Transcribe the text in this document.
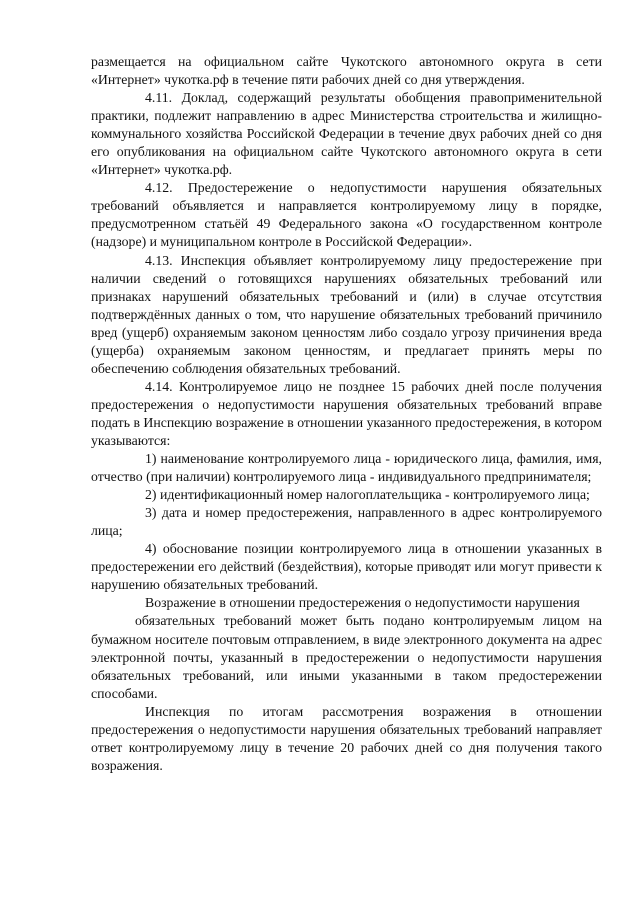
размещается на официальном сайте Чукотского автономного округа в сети «Интернет» чукотка.рф в течение пяти рабочих дней со дня утверждения.

4.11. Доклад, содержащий результаты обобщения правоприменительной практики, подлежит направлению в адрес Министерства строительства и жилищно-коммунального хозяйства Российской Федерации в течение двух рабочих дней со дня его опубликования на официальном сайте Чукотского автономного округа в сети «Интернет» чукотка.рф.

4.12. Предостережение о недопустимости нарушения обязательных требований объявляется и направляется контролируемому лицу в порядке, предусмотренном статьёй 49 Федерального закона «О государственном контроле (надзоре) и муниципальном контроле в Российской Федерации».

4.13. Инспекция объявляет контролируемому лицу предостережение при наличии сведений о готовящихся нарушениях обязательных требований или признаках нарушений обязательных требований и (или) в случае отсутствия подтверждённых данных о том, что нарушение обязательных требований причинило вред (ущерб) охраняемым законом ценностям либо создало угрозу причинения вреда (ущерба) охраняемым законом ценностям, и предлагает принять меры по обеспечению соблюдения обязательных требований.

4.14. Контролируемое лицо не позднее 15 рабочих дней после получения предостережения о недопустимости нарушения обязательных требований вправе подать в Инспекцию возражение в отношении указанного предостережения, в котором указываются:

1) наименование контролируемого лица - юридического лица, фамилия, имя, отчество (при наличии) контролируемого лица - индивидуального предпринимателя;

2) идентификационный номер налогоплательщика - контролируемого лица;

3) дата и номер предостережения, направленного в адрес контролируемого лица;

4) обоснование позиции контролируемого лица в отношении указанных в предостережении его действий (бездействия), которые приводят или могут привести к нарушению обязательных требований.

Возражение в отношении предостережения о недопустимости нарушения

обязательных требований может быть подано контролируемым лицом на бумажном носителе почтовым отправлением, в виде электронного документа на адрес электронной почты, указанный в предостережении о недопустимости нарушения обязательных требований, или иными указанными в таком предостережении способами.

Инспекция по итогам рассмотрения возражения в отношении предостережения о недопустимости нарушения обязательных требований направляет ответ контролируемому лицу в течение 20 рабочих дней со дня получения такого возражения.
